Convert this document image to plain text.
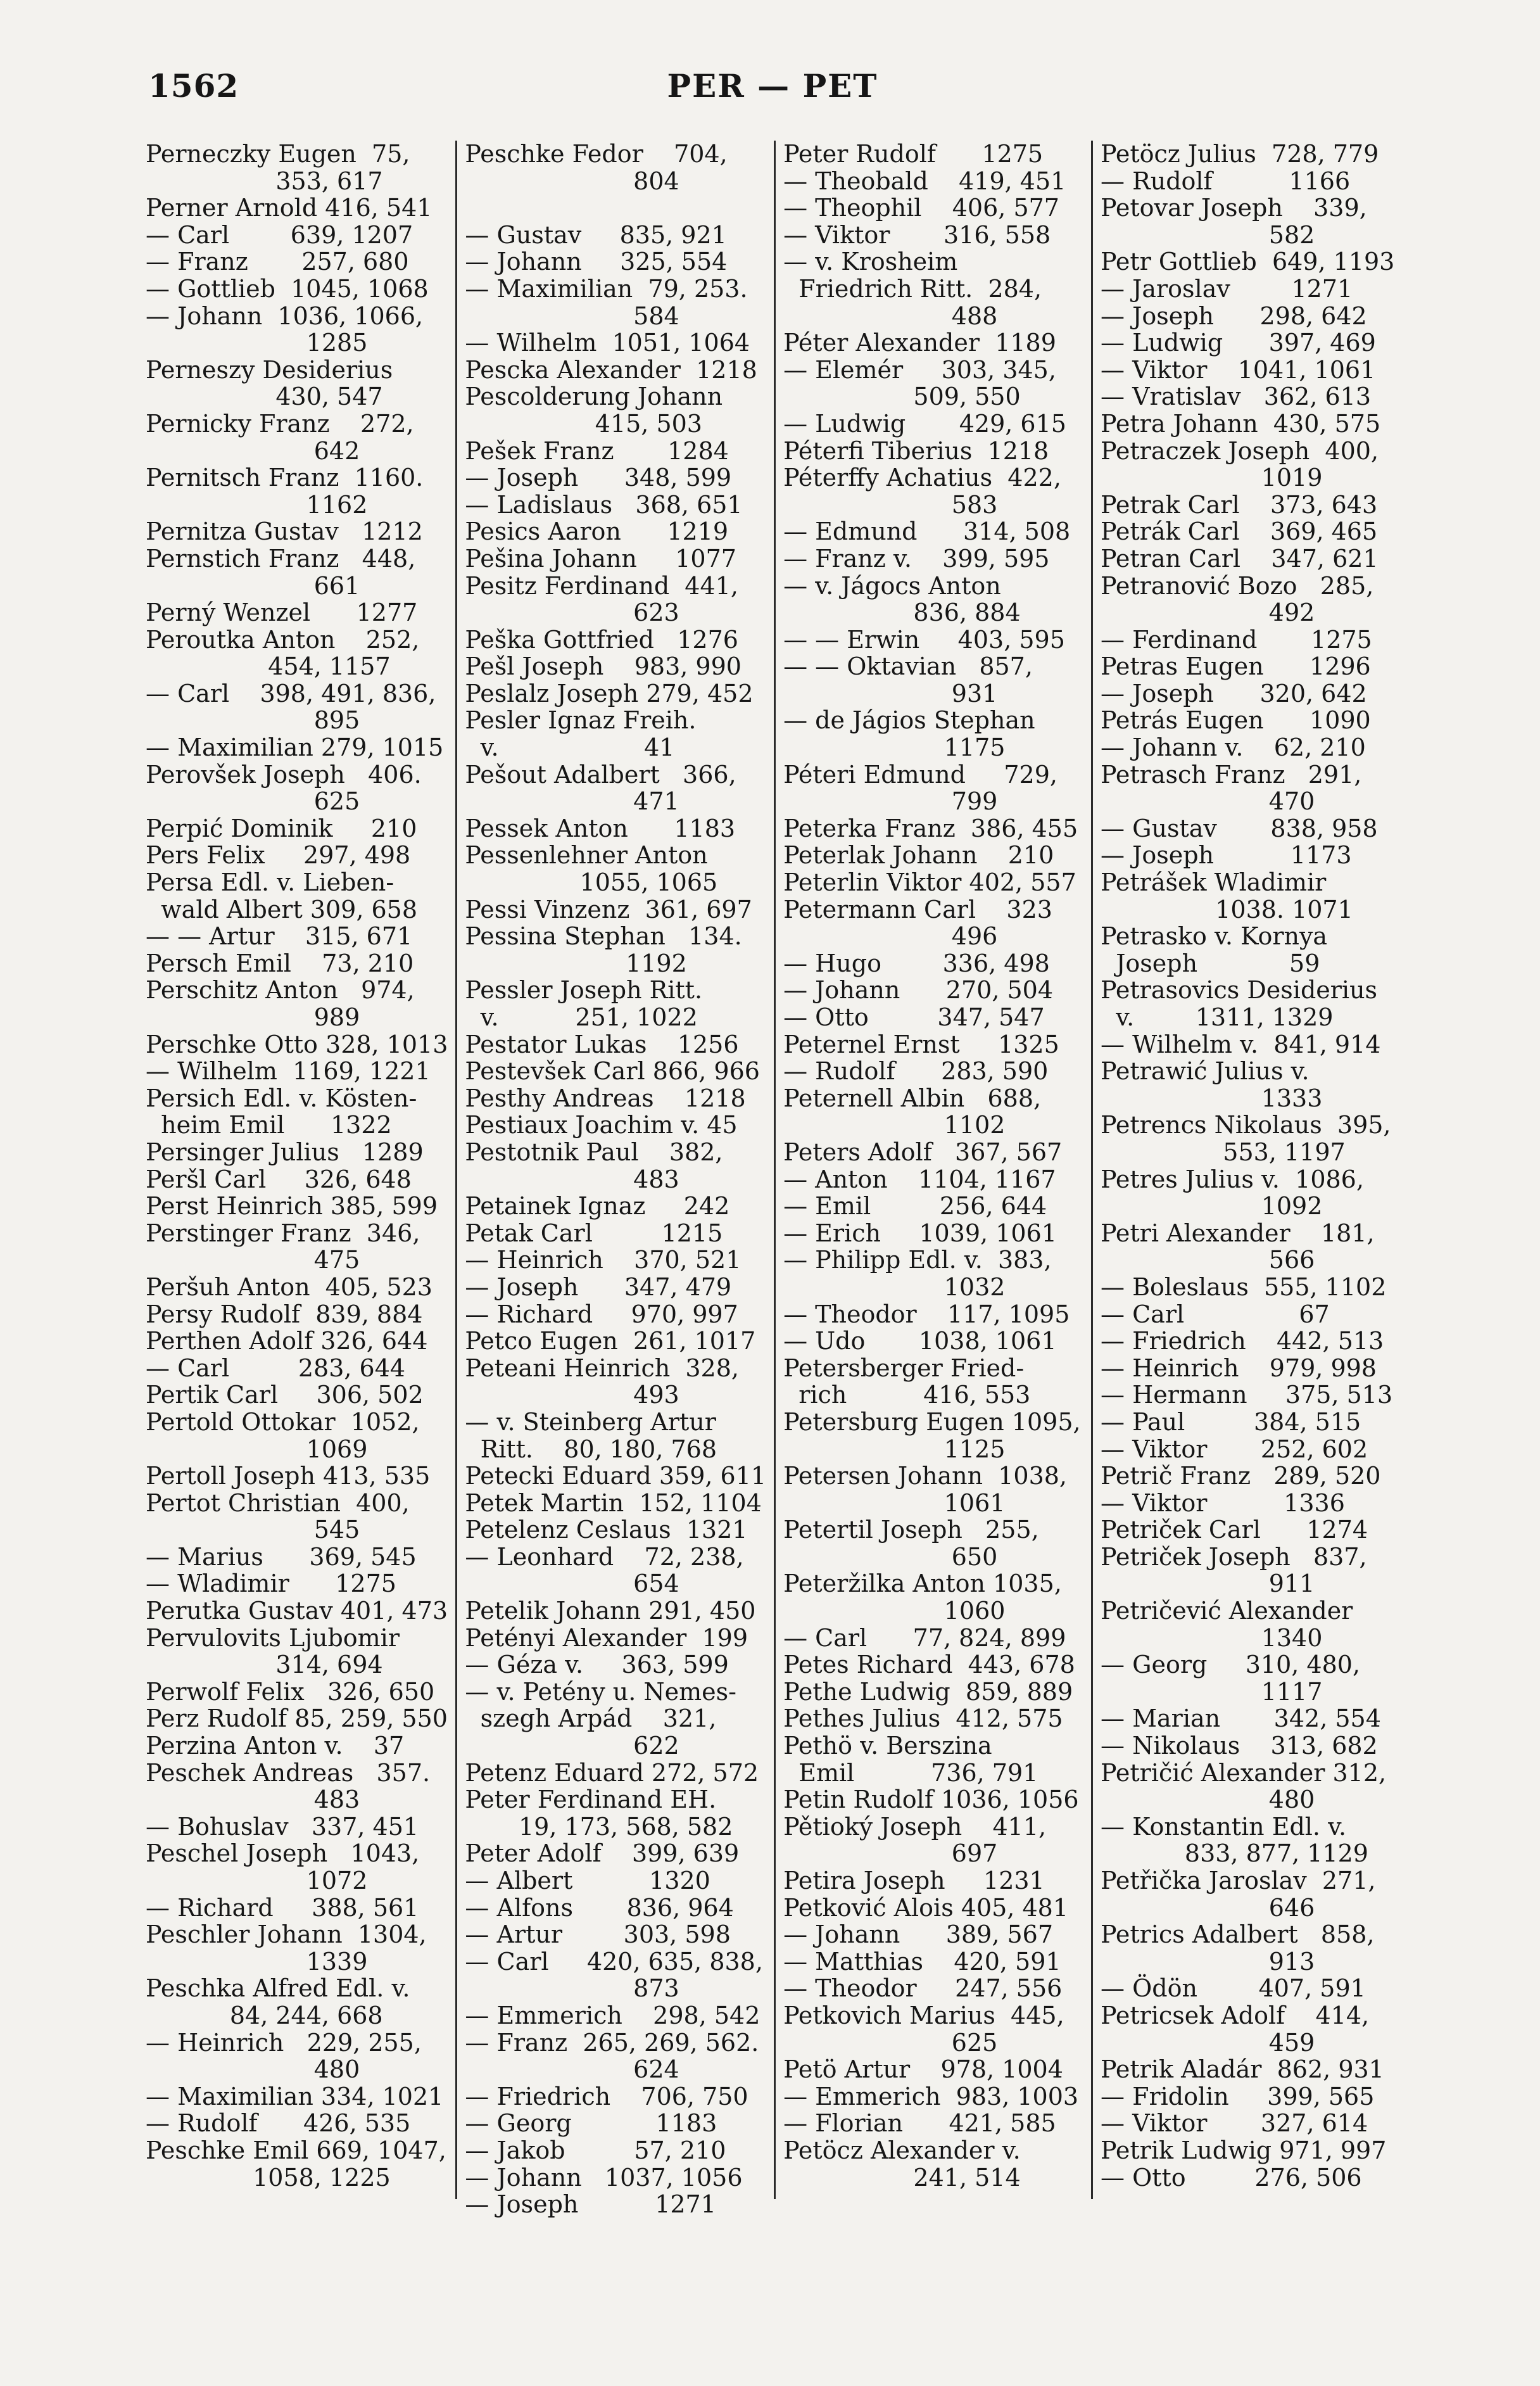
1562	PER — PET
Perneczky Eugen  75,
353, 617
Perner Arnold 416, 541
— Carl        639, 1207
— Franz       257, 680
— Gottlieb  1045, 1068
— Johann  1036, 1066,
1285
Perneszy Desiderius
430, 547
Pernicky Franz    272,
642
Pernitsch Franz  1160.
1162
Pernitza Gustav   1212
Pernstich Franz   448,
661
Perný Wenzel      1277
Peroutka Anton    252,
454, 1157
— Carl    398, 491, 836,
895
— Maximilian 279, 1015
Perovšek Joseph   406.
625
Perpić Dominik     210
Pers Felix     297, 498
Persa Edl. v. Lieben-
wald Albert 309, 658
— — Artur    315, 671
Persch Emil    73, 210
Perschitz Anton   974,
989
Perschke Otto 328, 1013
— Wilhelm  1169, 1221
Persich Edl. v. Kösten-
heim Emil      1322
Persinger Julius   1289
Peršl Carl     326, 648
Perst Heinrich 385, 599
Perstinger Franz  346,
475
Peršuh Anton  405, 523
Persy Rudolf  839, 884
Perthen Adolf 326, 644
— Carl         283, 644
Pertik Carl     306, 502
Pertold Ottokar  1052,
1069
Pertoll Joseph 413, 535
Pertot Christian  400,
545
— Marius      369, 545
— Wladimir      1275
Perutka Gustav 401, 473
Pervulovits Ljubomir
314, 694
Perwolf Felix   326, 650
Perz Rudolf 85, 259, 550
Perzina Anton v.    37
Peschek Andreas   357.
483
— Bohuslav   337, 451
Peschel Joseph   1043,
1072
— Richard     388, 561
Peschler Johann  1304,
1339
Peschka Alfred Edl. v.
84, 244, 668
— Heinrich   229, 255,
480
— Maximilian 334, 1021
— Rudolf      426, 535
Peschke Emil 669, 1047,
1058, 1225
Peschke Fedor    704,
804
— Gustav     835, 921
— Johann     325, 554
— Maximilian  79, 253.
584
— Wilhelm  1051, 1064
Pescka Alexander  1218
Pescolderung Johann
415, 503
Pešek Franz       1284
— Joseph      348, 599
— Ladislaus   368, 651
Pesics Aaron      1219
Pešina Johann     1077
Pesitz Ferdinand  441,
623
Peška Gottfried   1276
Pešl Joseph    983, 990
Peslalz Joseph 279, 452
Pesler Ignaz Freih.
v.                   41
Pešout Adalbert   366,
471
Pessek Anton      1183
Pessenlehner Anton
1055, 1065
Pessi Vinzenz  361, 697
Pessina Stephan   134.
1192
Pessler Joseph Ritt.
v.          251, 1022
Pestator Lukas    1256
Pestevšek Carl 866, 966
Pesthy Andreas    1218
Pestiaux Joachim v. 45
Pestotnik Paul    382,
483
Petainek Ignaz     242
Petak Carl         1215
— Heinrich    370, 521
— Joseph      347, 479
— Richard     970, 997
Petco Eugen  261, 1017
Peteani Heinrich  328,
493
— v. Steinberg Artur
Ritt.    80, 180, 768
Petecki Eduard 359, 611
Petek Martin  152, 1104
Petelenz Ceslaus  1321
— Leonhard    72, 238,
654
Petelik Johann 291, 450
Petényi Alexander  199
— Géza v.     363, 599
— v. Petény u. Nemes-
szegh Arpád    321,
622
Petenz Eduard 272, 572
Peter Ferdinand EH.
19, 173, 568, 582
Peter Adolf    399, 639
— Albert          1320
— Alfons       836, 964
— Artur        303, 598
— Carl     420, 635, 838,
873
— Emmerich    298, 542
— Franz  265, 269, 562.
624
— Friedrich    706, 750
— Georg           1183
— Jakob         57, 210
— Johann   1037, 1056
— Joseph          1271
Peter Rudolf      1275
— Theobald    419, 451
— Theophil    406, 577
— Viktor       316, 558
— v. Krosheim
Friedrich Ritt.  284,
488
Péter Alexander  1189
— Elemér     303, 345,
509, 550
— Ludwig       429, 615
Péterfi Tiberius  1218
Péterffy Achatius  422,
583
— Edmund      314, 508
— Franz v.    399, 595
— v. Jágocs Anton
836, 884
— — Erwin     403, 595
— — Oktavian   857,
931
— de Jágios Stephan
1175
Péteri Edmund     729,
799
Peterka Franz  386, 455
Peterlak Johann    210
Peterlin Viktor 402, 557
Petermann Carl    323
496
— Hugo        336, 498
— Johann      270, 504
— Otto         347, 547
Peternel Ernst     1325
— Rudolf      283, 590
Peternell Albin   688,
1102
Peters Adolf   367, 567
— Anton    1104, 1167
— Emil         256, 644
— Erich     1039, 1061
— Philipp Edl. v.  383,
1032
— Theodor    117, 1095
— Udo       1038, 1061
Petersberger Fried-
rich          416, 553
Petersburg Eugen 1095,
1125
Petersen Johann  1038,
1061
Petertil Joseph   255,
650
Peteržilka Anton 1035,
1060
— Carl      77, 824, 899
Petes Richard  443, 678
Pethe Ludwig  859, 889
Pethes Julius  412, 575
Pethö v. Berszina
Emil          736, 791
Petin Rudolf 1036, 1056
Pětioký Joseph    411,
697
Petira Joseph     1231
Petković Alois 405, 481
— Johann      389, 567
— Matthias    420, 591
— Theodor     247, 556
Petkovich Marius  445,
625
Petö Artur    978, 1004
— Emmerich  983, 1003
— Florian      421, 585
Petöcz Alexander v.
241, 514
Petöcz Julius  728, 779
— Rudolf          1166
Petovar Joseph    339,
582
Petr Gottlieb  649, 1193
— Jaroslav        1271
— Joseph      298, 642
— Ludwig      397, 469
— Viktor    1041, 1061
— Vratislav   362, 613
Petra Johann  430, 575
Petraczek Joseph  400,
1019
Petrak Carl    373, 643
Petrák Carl    369, 465
Petran Carl    347, 621
Petranović Bozo   285,
492
— Ferdinand       1275
Petras Eugen      1296
— Joseph      320, 642
Petrás Eugen      1090
— Johann v.    62, 210
Petrasch Franz   291,
470
— Gustav       838, 958
— Joseph          1173
Petrášek Wladimir
1038. 1071
Petrasko v. Kornya
Joseph            59
Petrasovics Desiderius
v.        1311, 1329
— Wilhelm v.  841, 914
Petrawić Julius v.
1333
Petrencs Nikolaus  395,
553, 1197
Petres Julius v.  1086,
1092
Petri Alexander    181,
566
— Boleslaus  555, 1102
— Carl               67
— Friedrich    442, 513
— Heinrich    979, 998
— Hermann     375, 513
— Paul         384, 515
— Viktor       252, 602
Petrič Franz   289, 520
— Viktor          1336
Petriček Carl      1274
Petriček Joseph   837,
911
Petričević Alexander
1340
— Georg     310, 480,
1117
— Marian       342, 554
— Nikolaus    313, 682
Petričić Alexander 312,
480
— Konstantin Edl. v.
833, 877, 1129
Petřička Jaroslav  271,
646
Petrics Adalbert   858,
913
— Ödön        407, 591
Petricsek Adolf    414,
459
Petrik Aladár  862, 931
— Fridolin     399, 565
— Viktor       327, 614
Petrik Ludwig 971, 997
— Otto         276, 506
